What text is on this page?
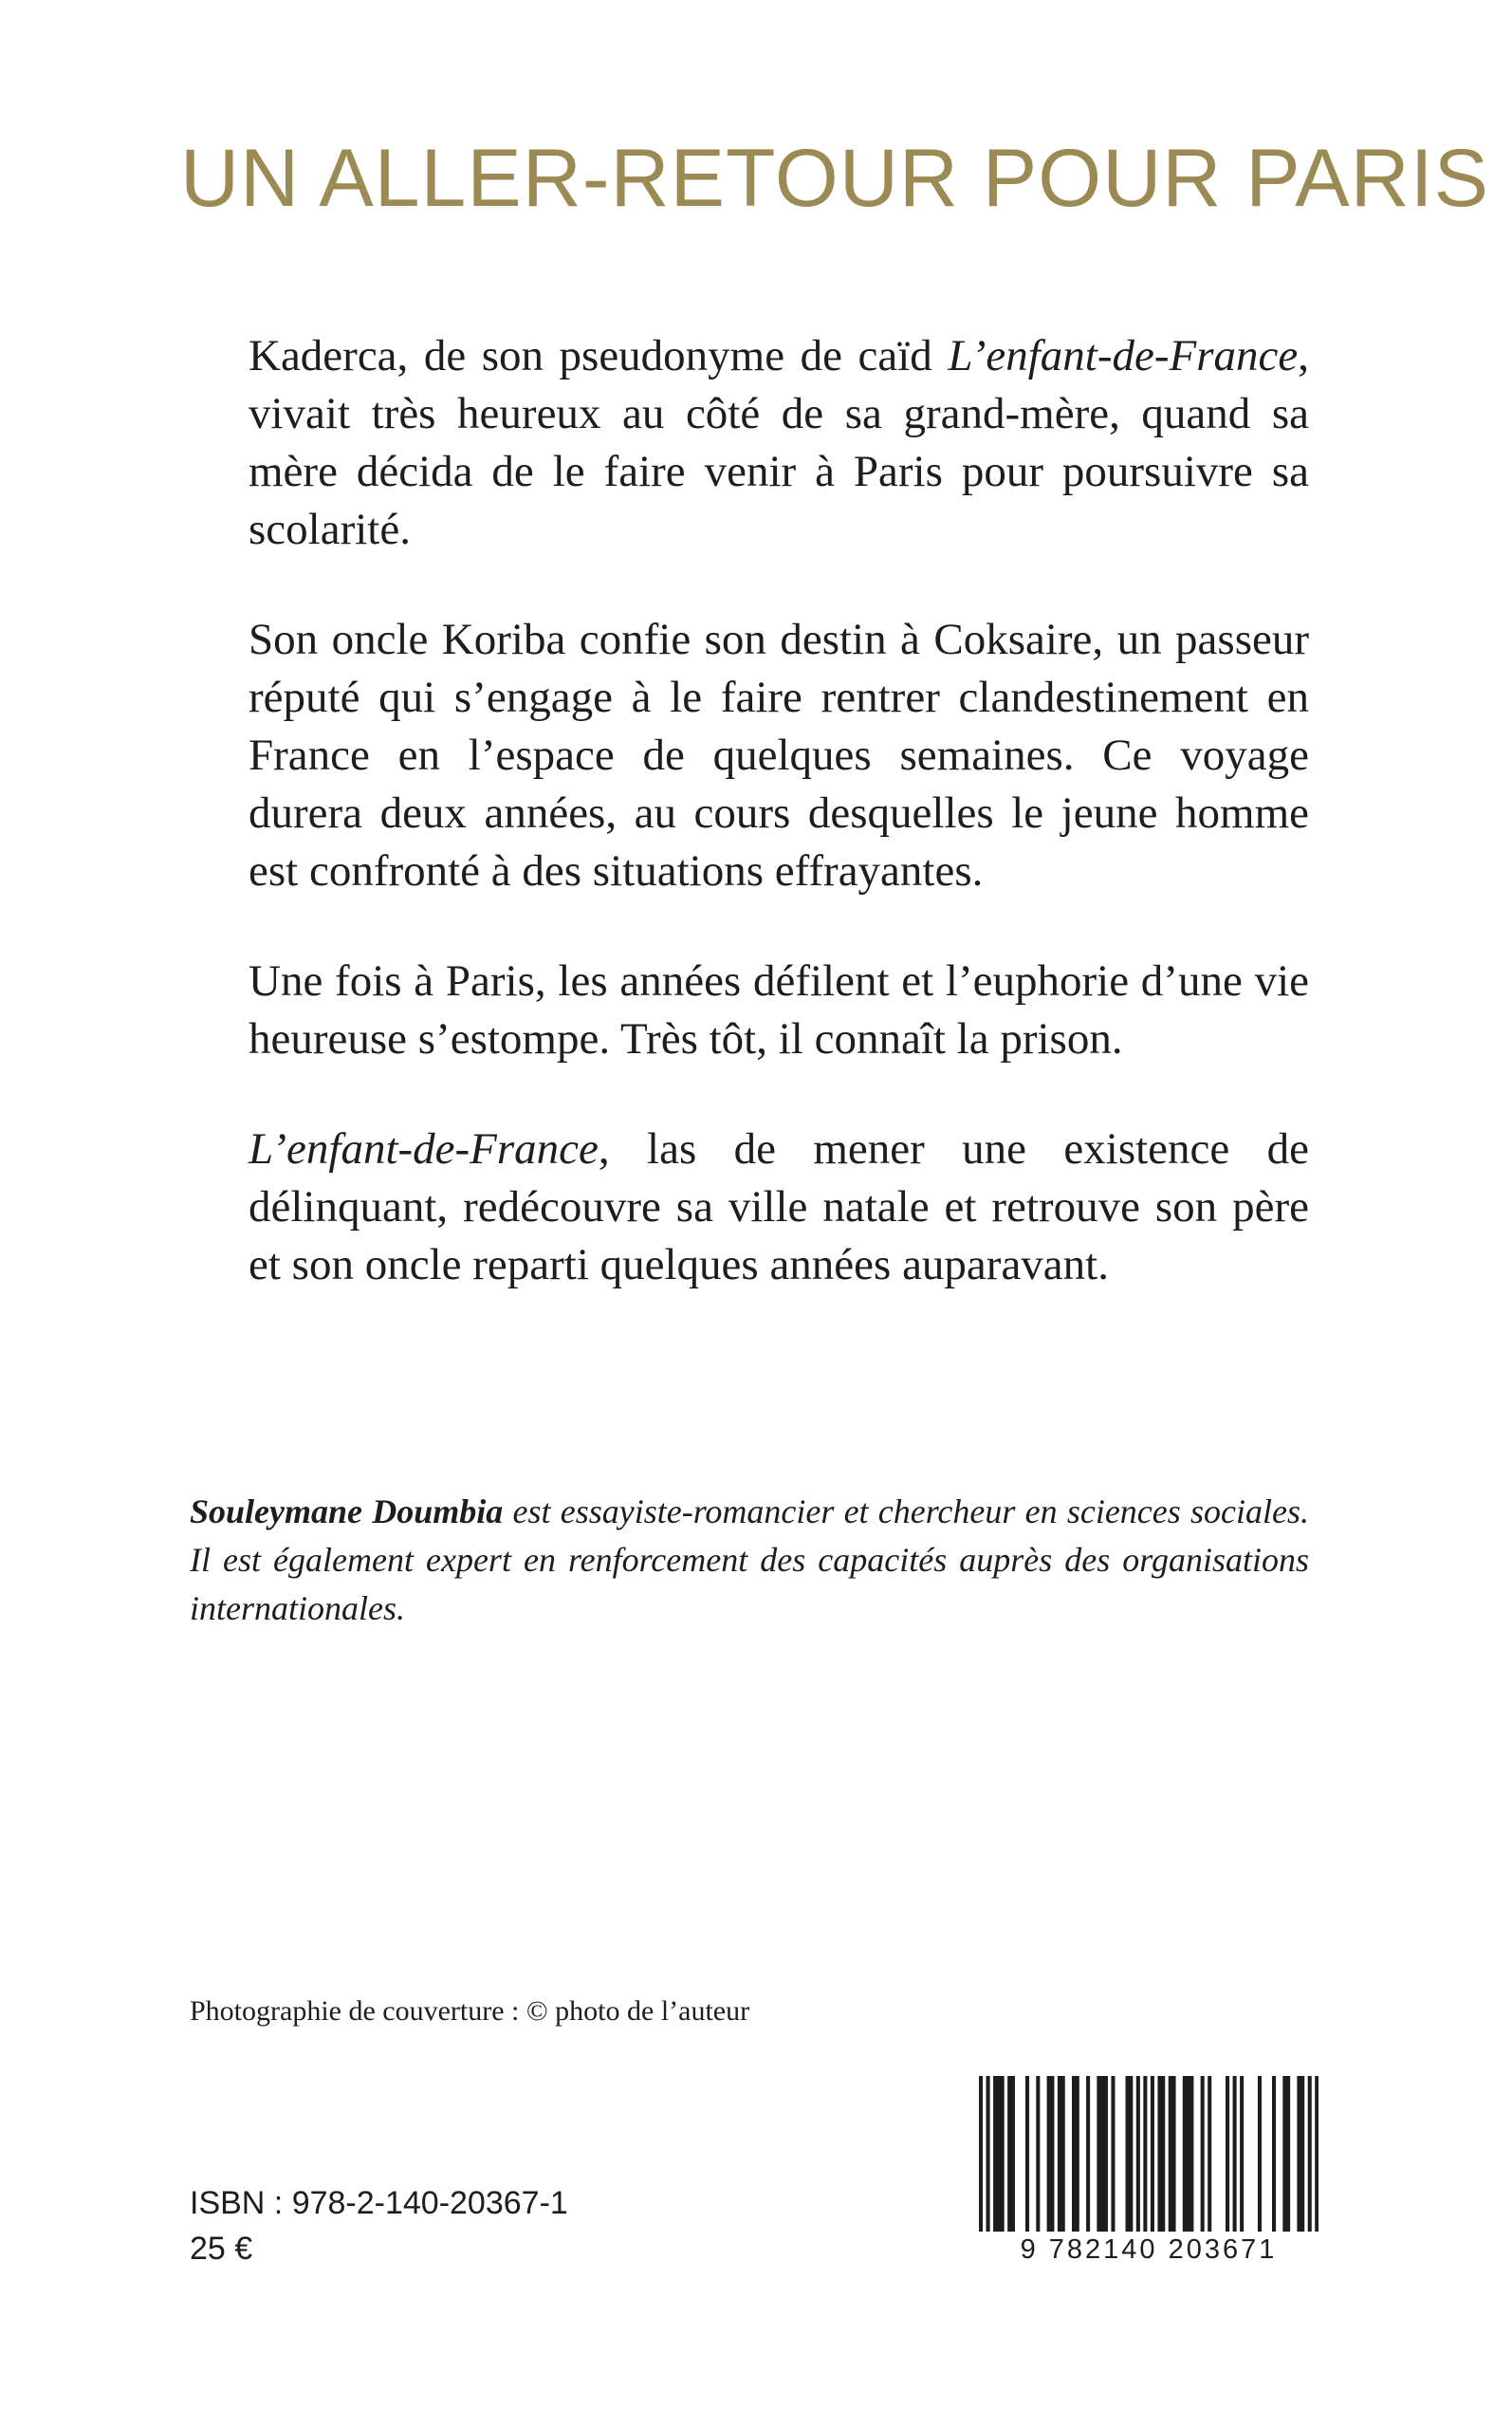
UN ALLER-RETOUR POUR PARIS

Kaderca, de son pseudonyme de caïd L’enfant-de-France, vivait très heureux au côté de sa grand-mère, quand sa mère décida de le faire venir à Paris pour poursuivre sa scolarité.

Son oncle Koriba confie son destin à Coksaire, un passeur réputé qui s’engage à le faire rentrer clandestinement en France en l’espace de quelques semaines. Ce voyage durera deux années, au cours desquelles le jeune homme est confronté à des situations effrayantes.

Une fois à Paris, les années défilent et l’euphorie d’une vie heureuse s’estompe. Très tôt, il connaît la prison.

L’enfant-de-France, las de mener une existence de délinquant, redécouvre sa ville natale et retrouve son père et son oncle reparti quelques années auparavant.

Souleymane Doumbia est essayiste-romancier et chercheur en sciences sociales. Il est également expert en renforcement des capacités auprès des organisations internationales.

Photographie de couverture : © photo de l’auteur

ISBN : 978-2-140-20367-1

25 €	9 782140 203671
